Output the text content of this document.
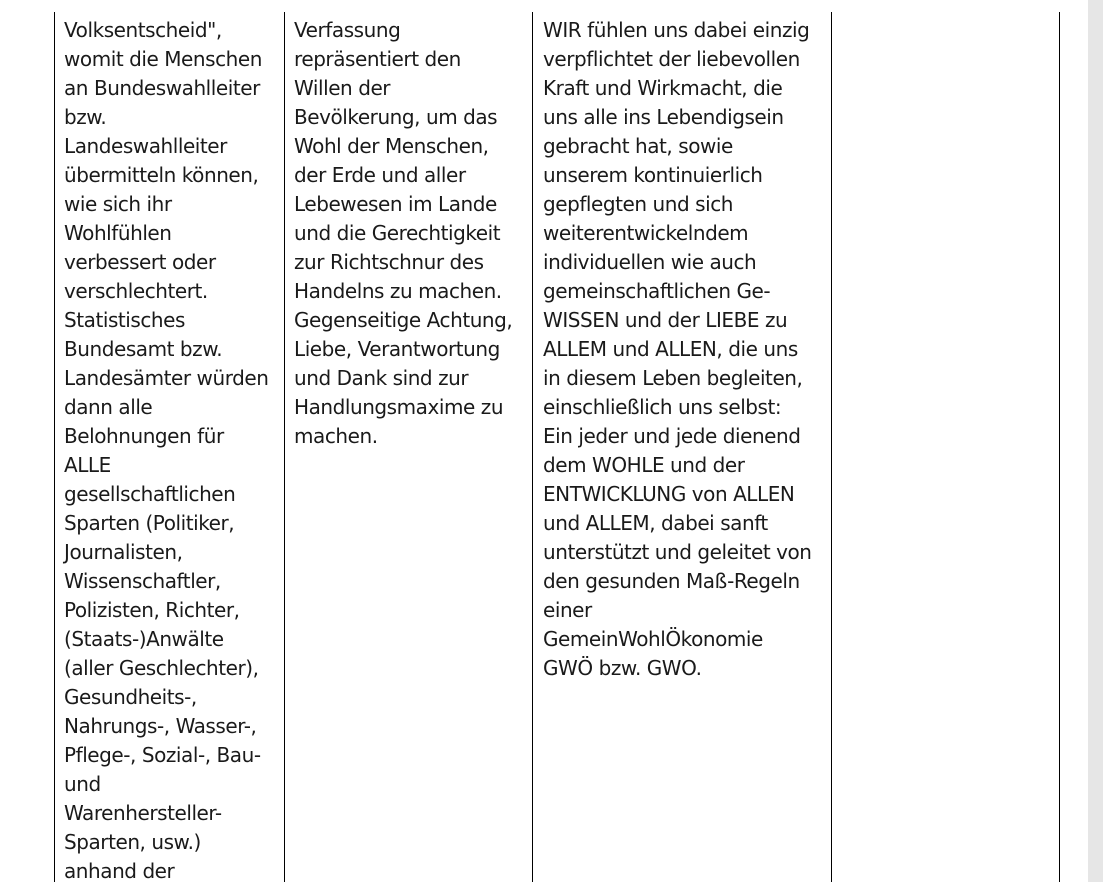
Volksentscheid",
womit die Menschen
an Bundeswahlleiter
bzw.
Landeswahlleiter
übermitteln können,
wie sich ihr
Wohlfühlen
verbessert oder
verschlechtert.
Statistisches
Bundesamt bzw.
Landesämter würden
dann alle
Belohnungen für
ALLE
gesellschaftlichen
Sparten (Politiker,
Journalisten,
Wissenschaftler,
Polizisten, Richter,
(Staats-)Anwälte
(aller Geschlechter),
Gesundheits-,
Nahrungs-, Wasser-,
Pflege-, Sozial-, Bau-
und
Warenhersteller-
Sparten, usw.)
anhand der
Verfassung
repräsentiert den
Willen der
Bevölkerung, um das
Wohl der Menschen,
der Erde und aller
Lebewesen im Lande
und die Gerechtigkeit
zur Richtschnur des
Handelns zu machen.
Gegenseitige Achtung,
Liebe, Verantwortung
und Dank sind zur
Handlungsmaxime zu
machen.
WIR fühlen uns dabei einzig
verpflichtet der liebevollen
Kraft und Wirkmacht, die
uns alle ins Lebendigsein
gebracht hat, sowie
unserem kontinuierlich
gepflegten und sich
weiterentwickelndem
individuellen wie auch
gemeinschaftlichen Ge-
WISSEN und der LIEBE zu
ALLEM und ALLEN, die uns
in diesem Leben begleiten,
einschließlich uns selbst:
Ein jeder und jede dienend
dem WOHLE und der
ENTWICKLUNG von ALLEN
und ALLEM, dabei sanft
unterstützt und geleitet von
den gesunden Maß-Regeln
einer
GemeinWohlÖkonomie
GWÖ bzw. GWO.
